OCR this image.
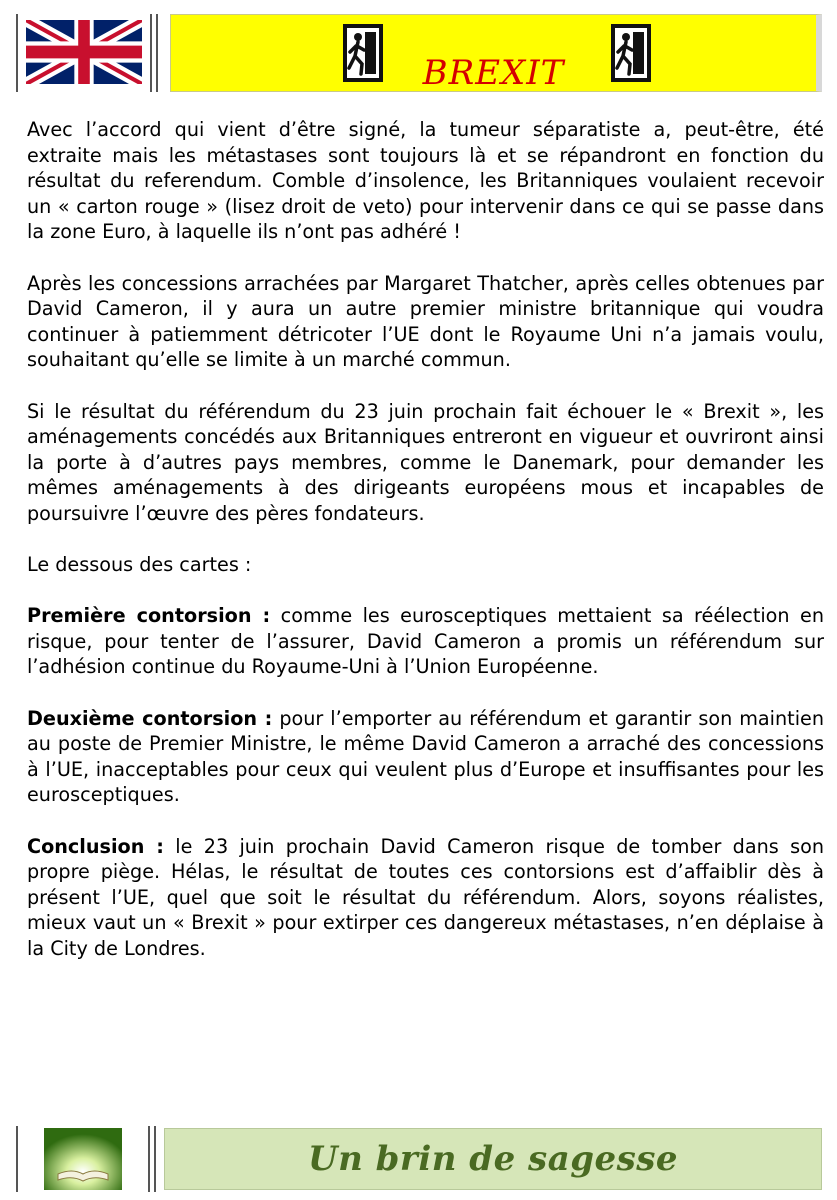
BREXIT

Avec l’accord qui vient d’être signé, la tumeur séparatiste a, peut-être, été extraite mais les métastases sont toujours là et se répandront en fonction du résultat du referendum. Comble d’insolence, les Britanniques voulaient recevoir un « carton rouge » (lisez droit de veto) pour intervenir dans ce qui se passe dans la zone Euro, à laquelle ils n’ont pas adhéré !

Après les concessions arrachées par Margaret Thatcher, après celles obtenues par David Cameron, il y aura un autre premier ministre britannique qui voudra continuer à patiemment détricoter l’UE dont le Royaume Uni n’a jamais voulu, souhaitant qu’elle se limite à un marché commun.

Si le résultat du référendum du 23 juin prochain fait échouer le « Brexit », les aménagements concédés aux Britanniques entreront en vigueur et ouvriront ainsi la porte à d’autres pays membres, comme le Danemark, pour demander les mêmes aménagements à des dirigeants européens mous et incapables de poursuivre l’œuvre des pères fondateurs.

Le dessous des cartes :

Première contorsion : comme les eurosceptiques mettaient sa réélection en risque, pour tenter de l’assurer, David Cameron a promis un référendum sur l’adhésion continue du Royaume-Uni à l’Union Européenne.

Deuxième contorsion : pour l’emporter au référendum et garantir son maintien au poste de Premier Ministre, le même David Cameron a arraché des concessions à l’UE, inacceptables pour ceux qui veulent plus d’Europe et insuffisantes pour les eurosceptiques.

Conclusion : le 23 juin prochain David Cameron risque de tomber dans son propre piège. Hélas, le résultat de toutes ces contorsions est d’affaiblir dès à présent l’UE, quel que soit le résultat du référendum. Alors, soyons réalistes, mieux vaut un « Brexit » pour extirper ces dangereux métastases, n’en déplaise à la City de Londres.

Un brin de sagesse
